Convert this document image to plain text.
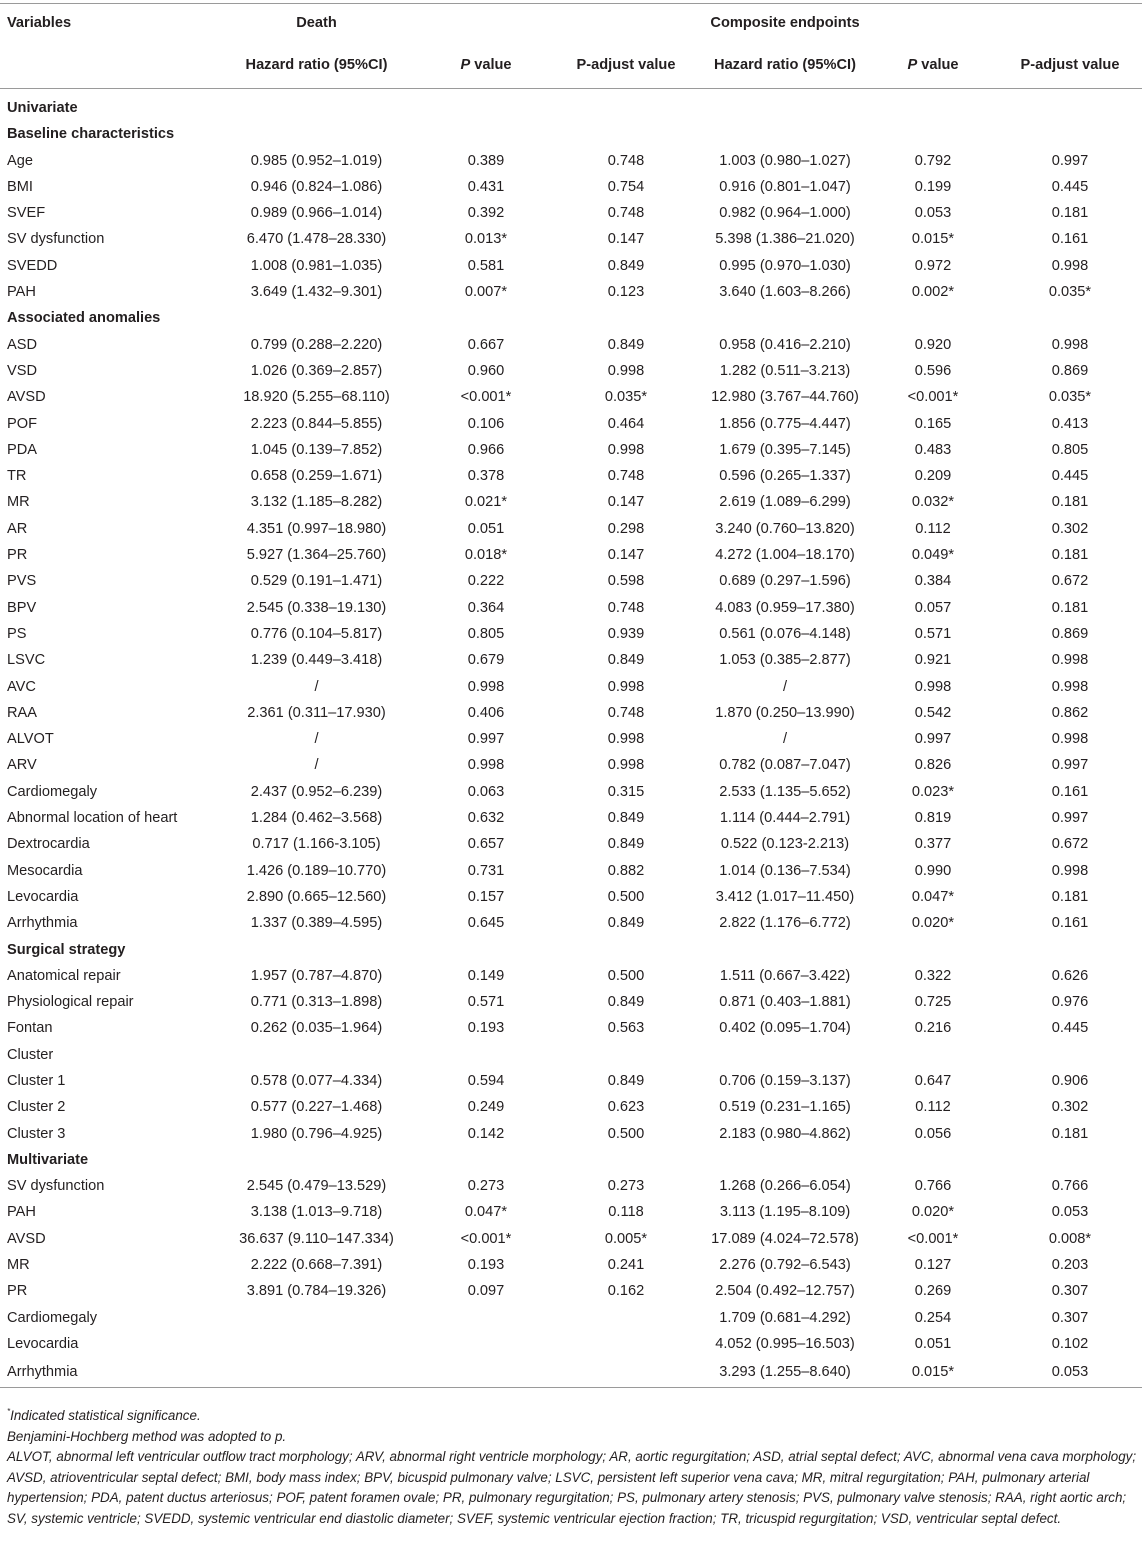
Variables	Death			Composite endpoints		
	Hazard ratio (95%CI)	P value	P-adjust value	Hazard ratio (95%CI)	P value	P-adjust value
Univariate						
Baseline characteristics						
Age	0.985 (0.952–1.019)	0.389	0.748	1.003 (0.980–1.027)	0.792	0.997
BMI	0.946 (0.824–1.086)	0.431	0.754	0.916 (0.801–1.047)	0.199	0.445
SVEF	0.989 (0.966–1.014)	0.392	0.748	0.982 (0.964–1.000)	0.053	0.181
SV dysfunction	6.470 (1.478–28.330)	0.013*	0.147	5.398 (1.386–21.020)	0.015*	0.161
SVEDD	1.008 (0.981–1.035)	0.581	0.849	0.995 (0.970–1.030)	0.972	0.998
PAH	3.649 (1.432–9.301)	0.007*	0.123	3.640 (1.603–8.266)	0.002*	0.035*
Associated anomalies						
ASD	0.799 (0.288–2.220)	0.667	0.849	0.958 (0.416–2.210)	0.920	0.998
VSD	1.026 (0.369–2.857)	0.960	0.998	1.282 (0.511–3.213)	0.596	0.869
AVSD	18.920 (5.255–68.110)	<0.001*	0.035*	12.980 (3.767–44.760)	<0.001*	0.035*
POF	2.223 (0.844–5.855)	0.106	0.464	1.856 (0.775–4.447)	0.165	0.413
PDA	1.045 (0.139–7.852)	0.966	0.998	1.679 (0.395–7.145)	0.483	0.805
TR	0.658 (0.259–1.671)	0.378	0.748	0.596 (0.265–1.337)	0.209	0.445
MR	3.132 (1.185–8.282)	0.021*	0.147	2.619 (1.089–6.299)	0.032*	0.181
AR	4.351 (0.997–18.980)	0.051	0.298	3.240 (0.760–13.820)	0.112	0.302
PR	5.927 (1.364–25.760)	0.018*	0.147	4.272 (1.004–18.170)	0.049*	0.181
PVS	0.529 (0.191–1.471)	0.222	0.598	0.689 (0.297–1.596)	0.384	0.672
BPV	2.545 (0.338–19.130)	0.364	0.748	4.083 (0.959–17.380)	0.057	0.181
PS	0.776 (0.104–5.817)	0.805	0.939	0.561 (0.076–4.148)	0.571	0.869
LSVC	1.239 (0.449–3.418)	0.679	0.849	1.053 (0.385–2.877)	0.921	0.998
AVC	/	0.998	0.998	/	0.998	0.998
RAA	2.361 (0.311–17.930)	0.406	0.748	1.870 (0.250–13.990)	0.542	0.862
ALVOT	/	0.997	0.998	/	0.997	0.998
ARV	/	0.998	0.998	0.782 (0.087–7.047)	0.826	0.997
Cardiomegaly	2.437 (0.952–6.239)	0.063	0.315	2.533 (1.135–5.652)	0.023*	0.161
Abnormal location of heart	1.284 (0.462–3.568)	0.632	0.849	1.114 (0.444–2.791)	0.819	0.997
Dextrocardia	0.717 (1.166-3.105)	0.657	0.849	0.522 (0.123-2.213)	0.377	0.672
Mesocardia	1.426 (0.189–10.770)	0.731	0.882	1.014 (0.136–7.534)	0.990	0.998
Levocardia	2.890 (0.665–12.560)	0.157	0.500	3.412 (1.017–11.450)	0.047*	0.181
Arrhythmia	1.337 (0.389–4.595)	0.645	0.849	2.822 (1.176–6.772)	0.020*	0.161
Surgical strategy						
Anatomical repair	1.957 (0.787–4.870)	0.149	0.500	1.511 (0.667–3.422)	0.322	0.626
Physiological repair	0.771 (0.313–1.898)	0.571	0.849	0.871 (0.403–1.881)	0.725	0.976
Fontan	0.262 (0.035–1.964)	0.193	0.563	0.402 (0.095–1.704)	0.216	0.445
Cluster						
Cluster 1	0.578 (0.077–4.334)	0.594	0.849	0.706 (0.159–3.137)	0.647	0.906
Cluster 2	0.577 (0.227–1.468)	0.249	0.623	0.519 (0.231–1.165)	0.112	0.302
Cluster 3	1.980 (0.796–4.925)	0.142	0.500	2.183 (0.980–4.862)	0.056	0.181
Multivariate						
SV dysfunction	2.545 (0.479–13.529)	0.273	0.273	1.268 (0.266–6.054)	0.766	0.766
PAH	3.138 (1.013–9.718)	0.047*	0.118	3.113 (1.195–8.109)	0.020*	0.053
AVSD	36.637 (9.110–147.334)	<0.001*	0.005*	17.089 (4.024–72.578)	<0.001*	0.008*
MR	2.222 (0.668–7.391)	0.193	0.241	2.276 (0.792–6.543)	0.127	0.203
PR	3.891 (0.784–19.326)	0.097	0.162	2.504 (0.492–12.757)	0.269	0.307
Cardiomegaly				1.709 (0.681–4.292)	0.254	0.307
Levocardia				4.052 (0.995–16.503)	0.051	0.102
Arrhythmia				3.293 (1.255–8.640)	0.015*	0.053

*Indicated statistical significance.

Benjamini-Hochberg method was adopted to p.

ALVOT, abnormal left ventricular outflow tract morphology; ARV, abnormal right ventricle morphology; AR, aortic regurgitation; ASD, atrial septal defect; AVC, abnormal vena cava morphology; AVSD, atrioventricular septal defect; BMI, body mass index; BPV, bicuspid pulmonary valve; LSVC, persistent left superior vena cava; MR, mitral regurgitation; PAH, pulmonary arterial hypertension; PDA, patent ductus arteriosus; POF, patent foramen ovale; PR, pulmonary regurgitation; PS, pulmonary artery stenosis; PVS, pulmonary valve stenosis; RAA, right aortic arch; SV, systemic ventricle; SVEDD, systemic ventricular end diastolic diameter; SVEF, systemic ventricular ejection fraction; TR, tricuspid regurgitation; VSD, ventricular septal defect.
